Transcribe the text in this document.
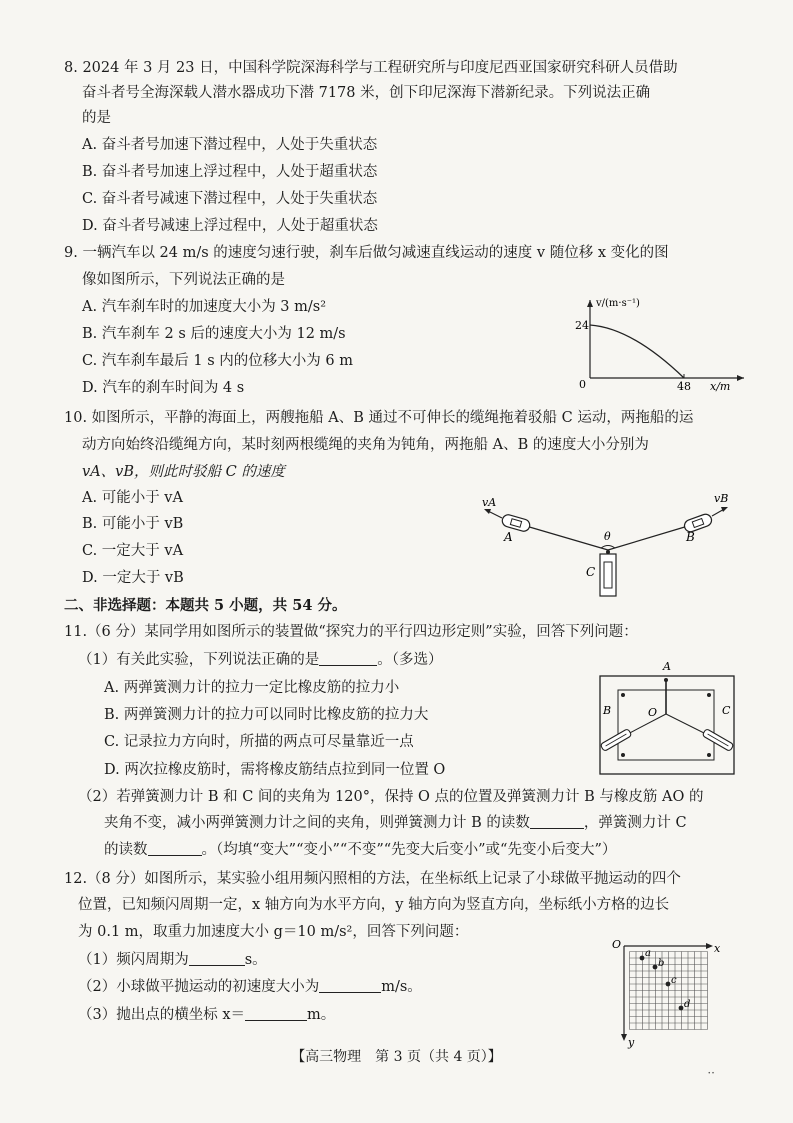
8. 2024 年 3 月 23 日，中国科学院深海科学与工程研究所与印度尼西亚国家研究科研人员借助
奋斗者号全海深载人潜水器成功下潜 7178 米，创下印尼深海下潜新纪录。下列说法正确
的是
A. 奋斗者号加速下潜过程中，人处于失重状态
B. 奋斗者号加速上浮过程中，人处于超重状态
C. 奋斗者号减速下潜过程中，人处于失重状态
D. 奋斗者号减速上浮过程中，人处于超重状态
9. 一辆汽车以 24 m/s 的速度匀速行驶，刹车后做匀减速直线运动的速度 v 随位移 x 变化的图
像如图所示，下列说法正确的是
A. 汽车刹车时的加速度大小为 3 m/s²
B. 汽车刹车 2 s 后的速度大小为 12 m/s
C. 汽车刹车最后 1 s 内的位移大小为 6 m
D. 汽车的刹车时间为 4 s
v/(m·s⁻¹)
24
0	48 x/m
10. 如图所示，平静的海面上，两艘拖船 A、B 通过不可伸长的缆绳拖着驳船 C 运动，两拖船的运
动方向始终沿缆绳方向，某时刻两根缆绳的夹角为钝角，两拖船 A、B 的速度大小分别为
vA、vB，则此时驳船 C 的速度
A. 可能小于 vA
B. 可能小于 vB
C. 一定大于 vA
D. 一定大于 vB
vA	vB
A	B
C
θ
二、非选择题：本题共 5 小题，共 54 分。
11.（6 分）某同学用如图所示的装置做“探究力的平行四边形定则”实验，回答下列问题：
（1）有关此实验，下列说法正确的是	。（多选）
A. 两弹簧测力计的拉力一定比橡皮筋的拉力小
B. 两弹簧测力计的拉力可以同时比橡皮筋的拉力大
C. 记录拉力方向时，所描的两点可尽量靠近一点
D. 两次拉橡皮筋时，需将橡皮筋结点拉到同一位置 O
（2）若弹簧测力计 B 和 C 间的夹角为 120°，保持 O 点的位置及弹簧测力计 B 与橡皮筋 AO 的
夹角不变，减小两弹簧测力计之间的夹角，则弹簧测力计 B 的读数	，弹簧测力计 C
的读数	。（均填“变大”“变小”“不变”“先变大后变小”或“先变小后变大”）
A
B	C
O
12.（8 分）如图所示，某实验小组用频闪照相的方法，在坐标纸上记录了小球做平抛运动的四个
位置，已知频闪周期一定，x 轴方向为水平方向，y 轴方向为竖直方向，坐标纸小方格的边长
为 0.1 m，取重力加速度大小 g＝10 m/s²，回答下列问题：
（1）频闪周期为	s。
（2）小球做平抛运动的初速度大小为	m/s。
（3）抛出点的横坐标 x＝	m。
O	x
y
a
b
c
d
【高三物理　第 3 页（共 4 页）】
··
